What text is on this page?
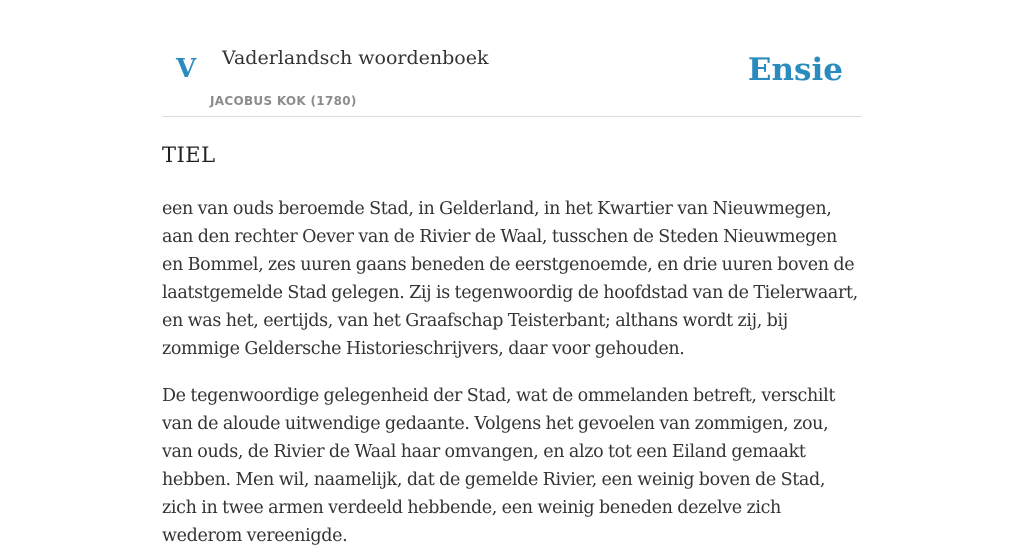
V Vaderlandsch woordenboek
JACOBUS KOK (1780)
Ensie
TIEL

een van ouds beroemde Stad, in Gelderland, in het Kwartier van Nieuwmegen, aan den rechter Oever van de Rivier de Waal, tusschen de Steden Nieuwmegen en Bommel, zes uuren gaans beneden de eerstgenoemde, en drie uuren boven de laatstgemelde Stad gelegen. Zij is tegenwoordig de hoofdstad van de Tielerwaart, en was het, eertijds, van het Graafschap Teisterbant; althans wordt zij, bij zommige Geldersche Historieschrijvers, daar voor gehouden.

De tegenwoordige gelegenheid der Stad, wat de ommelanden betreft, verschilt van de aloude uitwendige gedaante. Volgens het gevoelen van zommigen, zou, van ouds, de Rivier de Waal haar omvangen, en alzo tot een Eiland gemaakt hebben. Men wil, naamelijk, dat de gemelde Rivier, een weinig boven de Stad, zich in twee armen verdeeld hebbende, een weinig beneden dezelve zich wederom vereenigde.
